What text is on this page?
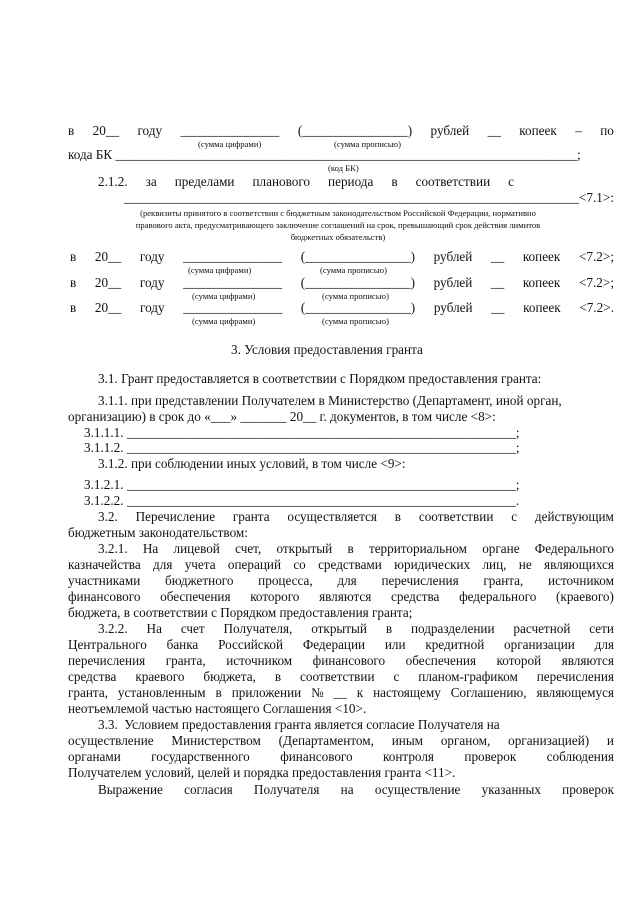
в 20__ году _______________ (________________) рублей __ копеек – по
(сумма цифрами)	(сумма прописью)
кода БК ______________________________________________________________________;
(код БК)
2.1.2. за пределами планового периода в соответствии с
_____________________________________________________________________<7.1>:
(реквизиты принятого в соответствии с бюджетным законодательством Российской Федерации, нормативно
правового акта, предусматривающего заключение соглашений на срок, превышающий срок действия лимитов
бюджетных обязательств)
в 20__ году _______________ (________________) рублей __ копеек <7.2>;
(сумма цифрами)	(сумма прописью)
в 20__ году _______________ (________________) рублей __ копеек <7.2>;
(сумма цифрами)	(сумма прописью)
в 20__ году _______________ (________________) рублей __ копеек <7.2>.
(сумма цифрами)	(сумма прописью)
3. Условия предоставления гранта
3.1. Грант предоставляется в соответствии с Порядком предоставления гранта:
3.1.1. при представлении Получателем в Министерство (Департамент, иной орган,
организацию) в срок до «___» _______ 20__ г. документов, в том числе <8>:
3.1.1.1. ___________________________________________________________;
3.1.1.2. ___________________________________________________________;
3.1.2. при соблюдении иных условий, в том числе <9>:
3.1.2.1. ___________________________________________________________;
3.1.2.2. ___________________________________________________________.
3.2. Перечисление гранта осуществляется в соответствии с действующим
бюджетным законодательством:
3.2.1. На лицевой счет, открытый в территориальном органе Федерального
казначейства для учета операций со средствами юридических лиц, не являющихся
участниками бюджетного процесса, для перечисления гранта, источником
финансового обеспечения которого являются средства федерального (краевого)
бюджета, в соответствии с Порядком предоставления гранта;
3.2.2. На счет Получателя, открытый в подразделении расчетной сети
Центрального банка Российской Федерации или кредитной организации для
перечисления гранта, источником финансового обеспечения которой являются
средства краевого бюджета, в соответствии с планом-графиком перечисления
гранта, установленным в приложении № __ к настоящему Соглашению, являющемуся
неотъемлемой частью настоящего Соглашения <10>.
3.3.  Условием предоставления гранта является согласие Получателя на
осуществление Министерством (Департаментом, иным органом, организацией) и
органами государственного финансового контроля проверок соблюдения
Получателем условий, целей и порядка предоставления гранта <11>.
Выражение согласия Получателя на осуществление указанных проверок
